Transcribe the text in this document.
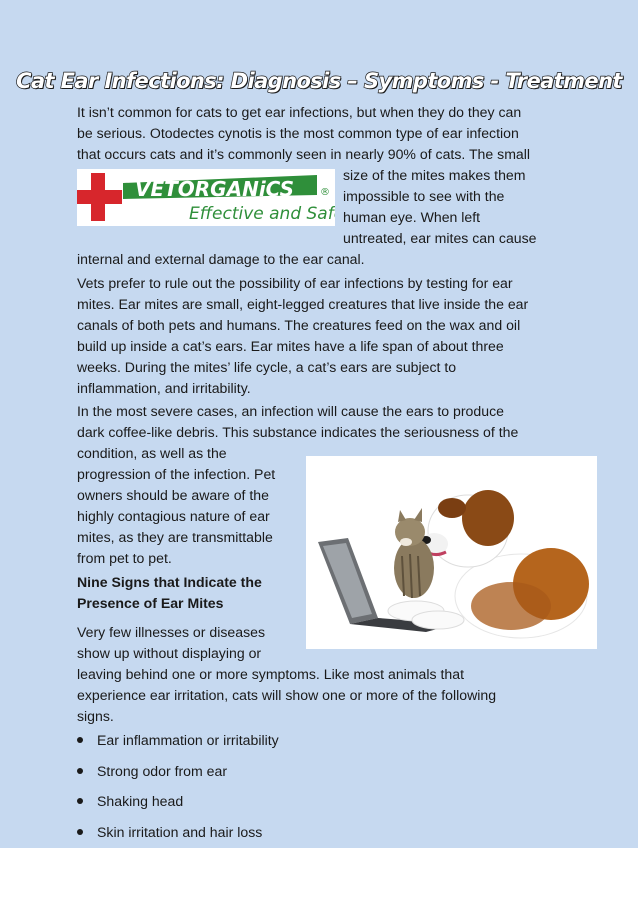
Cat Ear Infections: Diagnosis – Symptoms - Treatment

It isn’t common for cats to get ear infections, but when they do they can
be serious. Otodectes cynotis is the most common type of ear infection
that occurs cats and it’s commonly seen in nearly 90% of cats. The small
size of the mites makes them
impossible to see with the
human eye. When left
untreated, ear mites can cause
internal and external damage to the ear canal.

VETORGANiCS	®
Effective and Safe

Vets prefer to rule out the possibility of ear infections by testing for ear
mites. Ear mites are small, eight-legged creatures that live inside the ear
canals of both pets and humans. The creatures feed on the wax and oil
build up inside a cat’s ears. Ear mites have a life span of about three
weeks. During the mites’ life cycle, a cat’s ears are subject to
inflammation, and irritability.

In the most severe cases, an infection will cause the ears to produce
dark coffee-like debris. This substance indicates the seriousness of the
condition, as well as the
progression of the infection. Pet
owners should be aware of the
highly contagious nature of ear
mites, as they are transmittable
from pet to pet.

Nine Signs that Indicate the
Presence of Ear Mites

Very few illnesses or diseases
show up without displaying or
leaving behind one or more symptoms. Like most animals that
experience ear irritation, cats will show one or more of the following
signs.

Ear inflammation or irritability
Strong odor from ear
Shaking head
Skin irritation and hair loss
